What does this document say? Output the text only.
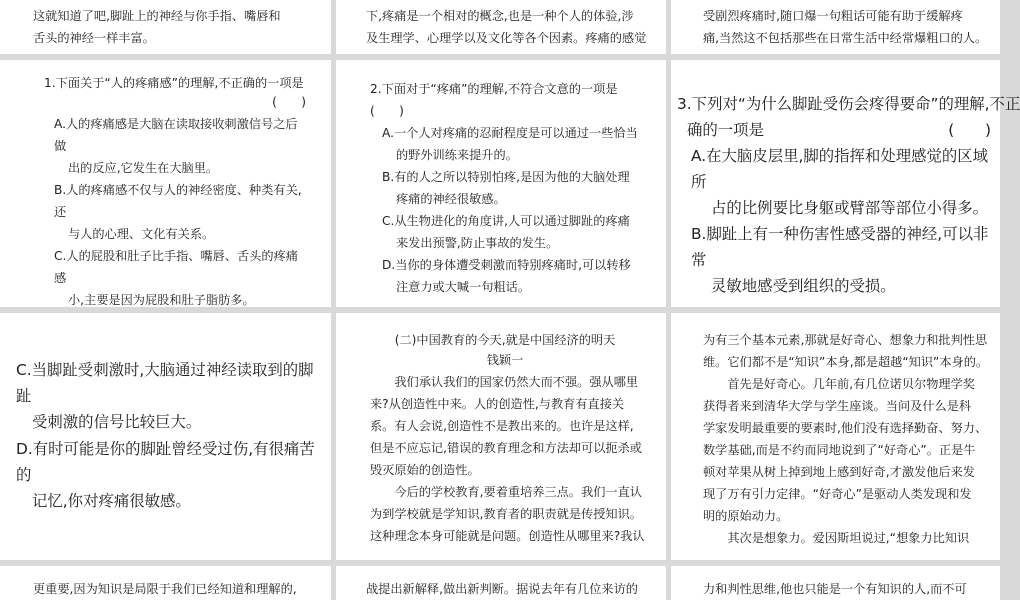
这就知道了吧,脚趾上的神经与你手指、嘴唇和

舌头的神经一样丰富。

下,疼痛是一个相对的概念,也是一种个人的体验,涉

及生理学、心理学以及文化等各个因素。疼痛的感觉

受剧烈疼痛时,随口爆一句粗话可能有助于缓解疼

痛,当然这不包括那些在日常生活中经常爆粗口的人。

1.下面关于“人的疼痛感”的理解,不正确的一项是

(　　)

A.人的疼痛感是大脑在读取接收刺激信号之后做

出的反应,它发生在大脑里。

B.人的疼痛感不仅与人的神经密度、种类有关,还

与人的心理、文化有关系。

C.人的屁股和肚子比手指、嘴唇、舌头的疼痛感

小,主要是因为屁股和肚子脂肪多。

2.下面对于“疼痛”的理解,不符合文意的一项是(　　)

A.一个人对疼痛的忍耐程度是可以通过一些恰当

的野外训练来提升的。

B.有的人之所以特别怕疼,是因为他的大脑处理

疼痛的神经很敏感。

C.从生物进化的角度讲,人可以通过脚趾的疼痛

来发出预警,防止事故的发生。

D.当你的身体遭受刺激而特别疼痛时,可以转移

注意力或大喊一句粗话。

3.下列对“为什么脚趾受伤会疼得要命”的理解,不正

确的一项是	(　　)

A.在大脑皮层里,脚的指挥和处理感觉的区域所

占的比例要比身躯或臂部等部位小得多。

B.脚趾上有一种伤害性感受器的神经,可以非常

灵敏地感受到组织的受损。

C.当脚趾受刺激时,大脑通过神经读取到的脚趾

受刺激的信号比较巨大。

D.有时可能是你的脚趾曾经受过伤,有很痛苦的

记忆,你对疼痛很敏感。

(二)中国教育的今天,就是中国经济的明天

钱颖一

　　我们承认我们的国家仍然大而不强。强从哪里

来?从创造性中来。人的创造性,与教育有直接关

系。有人会说,创造性不是教出来的。也许是这样,

但是不应忘记,错误的教育理念和方法却可以扼杀或

毁灭原始的创造性。

　　今后的学校教育,要着重培养三点。我们一直认

为到学校就是学知识,教育者的职责就是传授知识。

这种理念本身可能就是问题。创造性从哪里来?我认

为有三个基本元素,那就是好奇心、想象力和批判性思

维。它们都不是“知识”本身,都是超越“知识”本身的。

　　首先是好奇心。几年前,有几位诺贝尔物理学奖

获得者来到清华大学与学生座谈。当问及什么是科

学家发明最重要的要素时,他们没有选择勤奋、努力、

数学基础,而是不约而同地说到了“好奇心”。正是牛

顿对苹果从树上掉到地上感到好奇,才激发他后来发

现了万有引力定律。“好奇心”是驱动人类发现和发

明的原始动力。

　　其次是想象力。爱因斯坦说过,“想象力比知识

更重要,因为知识是局限于我们已经知道和理解的,	战提出新解释,做出新判断。据说去年有几位来访的	力和判性思维,他也只能是一个有知识的人,而不可
